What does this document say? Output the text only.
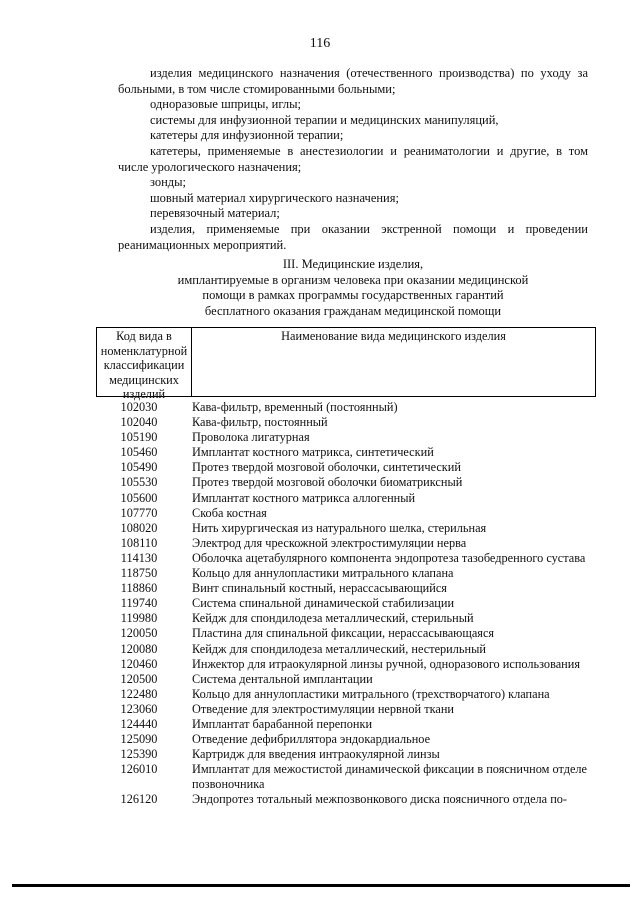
116

изделия медицинского назначения (отечественного производства) по уходу за больными, в том числе стомированными больными;

одноразовые шприцы, иглы;

системы для инфузионной терапии и медицинских манипуляций,

катетеры для инфузионной терапии;

катетеры, применяемые в анестезиологии и реаниматологии и другие, в том числе урологического назначения;

зонды;

шовный материал хирургического назначения;

перевязочный материал;

изделия, применяемые при оказании экстренной помощи и проведении реанимационных мероприятий.

III. Медицинские изделия,
имплантируемые в организм человека при оказании медицинской
помощи в рамках программы государственных гарантий
бесплатного оказания гражданам медицинской помощи
Код вида в номенклатурной классификации медицинских изделий
Наименование вида медицинского изделия
102030	Кава-фильтр, временный (постоянный)
102040	Кава-фильтр, постоянный
105190	Проволока лигатурная
105460	Имплантат костного матрикса, синтетический
105490	Протез твердой мозговой оболочки, синтетический
105530	Протез твердой мозговой оболочки биоматриксный
105600	Имплантат костного матрикса аллогенный
107770	Скоба костная
108020	Нить хирургическая из натурального шелка, стерильная
108110	Электрод для чрескожной электростимуляции нерва
114130	Оболочка ацетабулярного компонента эндопротеза тазобедренного сустава
118750	Кольцо для аннулопластики митрального клапана
118860	Винт спинальный костный, нерассасывающийся
119740	Система спинальной динамической стабилизации
119980	Кейдж для спондилодеза металлический, стерильный
120050	Пластина для спинальной фиксации, нерассасывающаяся
120080	Кейдж для спондилодеза металлический, нестерильный
120460	Инжектор для итраокулярной линзы ручной, одноразового использования
120500	Система дентальной имплантации
122480	Кольцо для аннулопластики митрального (трехстворчатого) клапана
123060	Отведение для электростимуляции нервной ткани
124440	Имплантат барабанной перепонки
125090	Отведение дефибриллятора эндокардиальное
125390	Картридж для введения интраокулярной линзы
126010	Имплантат для межостистой динамической фиксации в поясничном отделе позвоночника
126120	Эндопротез тотальный межпозвонкового диска поясничного отдела по-
